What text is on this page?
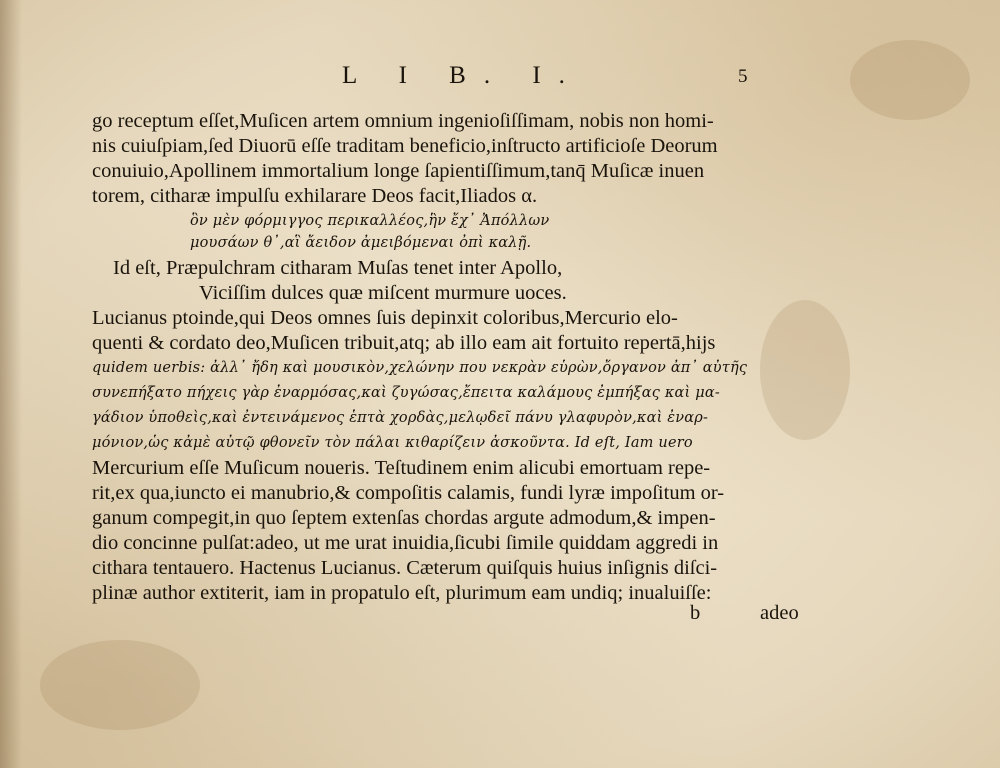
L I B. I.	5
go receptum eſſet,Muſicen artem omnium ingenioſiſſimam, nobis non homi-
nis cuiuſpiam,ſed Diuorū eſſe traditam beneficio,inſtructo artificioſe Deorum
conuiuio,Apollinem immortalium longe ſapientiſſimum,tanq̄ Muſicæ inuen
torem, citharæ impulſu exhilarare Deos facit,Iliados α.
ὃν μὲν φόρμιγγος περικαλλέος,ἣν ἔχ᾽ Ἀπόλλων
μουσάων θ᾽,αἳ ἄειδον ἀμειβόμεναι ὀπὶ καλῇ.
Id eſt, Præpulchram citharam Muſas tenet inter Apollo,
Viciſſim dulces quæ miſcent murmure uoces.
Lucianus ptoinde,qui Deos omnes ſuis depinxit coloribus,Mercurio elo-
quenti & cordato deo,Muſicen tribuit,atq; ab illo eam ait fortuito repertā,hijs
quidem uerbis: ἀλλ᾽ ἤδη καὶ μουσικὸν,χελώνην που νεκρὰν εὑρὼν,ὄργανον ἀπ᾽ αὐτῆς
συνεπήξατο πήχεις γὰρ ἐναρμόσας,καὶ ζυγώσας,ἔπειτα καλάμους ἐμπήξας καὶ μα-
γάδιον ὑποθεὶς,καὶ ἐντεινάμενος ἑπτὰ χορδὰς,μελῳδεῖ πάνυ γλαφυρὸν,καὶ ἐναρ-
μόνιον,ὡς κἀμὲ αὐτῷ φθονεῖν τὸν πάλαι κιθαρίζειν ἀσκοῦντα. Id eſt, Iam uero
Mercurium eſſe Muſicum noueris. Teſtudinem enim alicubi emortuam repe-
rit,ex qua,iuncto ei manubrio,& compoſitis calamis, fundi lyræ impoſitum or-
ganum compegit,in quo ſeptem extenſas chordas argute admodum,& impen-
dio concinne pulſat:adeo, ut me urat inuidia,ſicubi ſimile quiddam aggredi in
cithara tentauero. Hactenus Lucianus. Cæterum quiſquis huius inſignis diſci-
plinæ author extiterit, iam in propatulo eſt, plurimum eam undiq; inualuiſſe:
b	adeo
